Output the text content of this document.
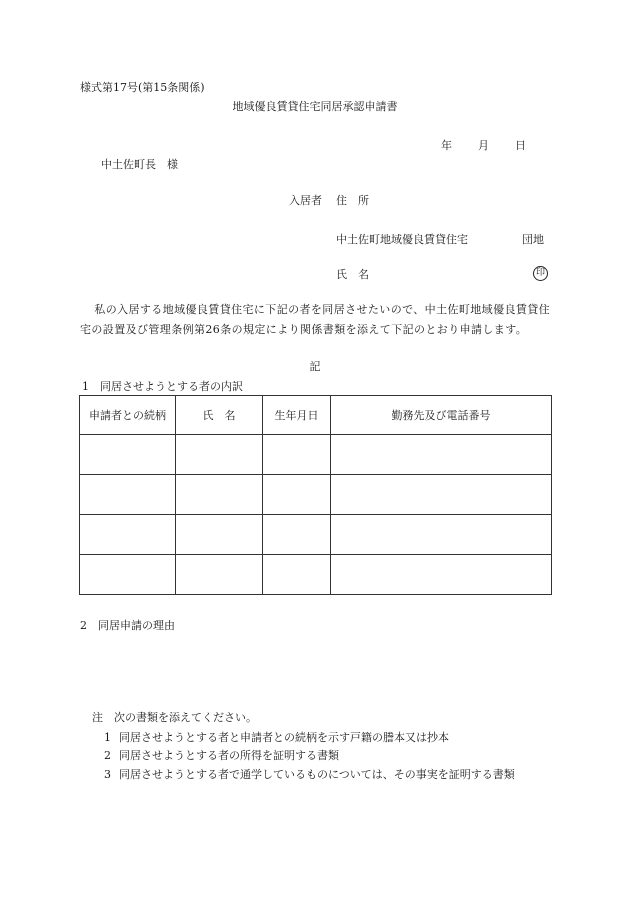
様式第17号(第15条関係)
地域優良賃貸住宅同居承認申請書
年 月 日
中土佐町長　様
入居者 住　所
中土佐町地域優良賃貸住宅	団地
氏　名	印
私の入居する地域優良賃貸住宅に下記の者を同居させたいので、中土佐町地域優良賃貸住宅の設置及び管理条例第26条の規定により関係書類を添えて下記のとおり申請します。
記
1　同居させようとする者の内訳
申請者との続柄	氏　名	生年月日	勤務先及び電話番号

2　同居申請の理由
注　次の書類を添えてください。
1 同居させようとする者と申請者との続柄を示す戸籍の謄本又は抄本
2 同居させようとする者の所得を証明する書類
3 同居させようとする者で通学しているものについては、その事実を証明する書類
